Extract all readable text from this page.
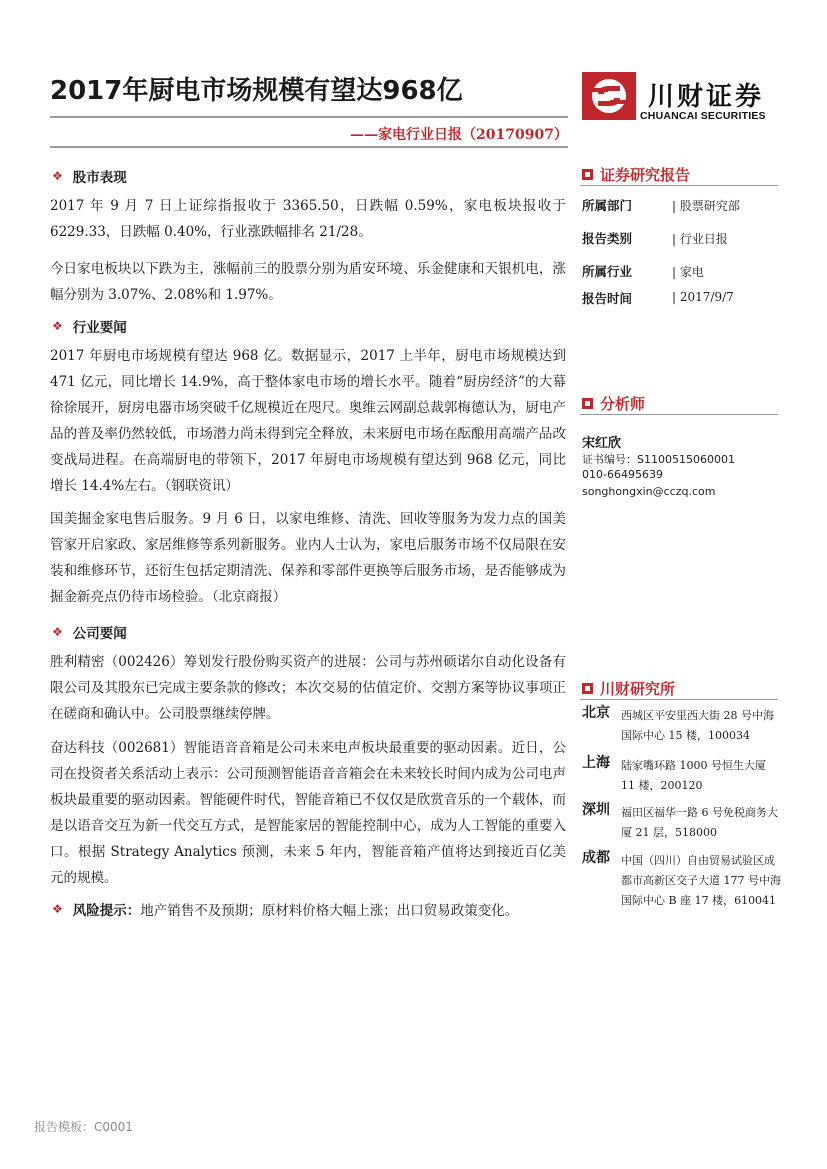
2017年厨电市场规模有望达968亿
——家电行业日报（20170907）
川财证券
CHUANCAI SECURITIES
❖ 股市表现
2017 年 9 月 7 日上证综指报收于 3365.50，日跌幅 0.59%，家电板块报收于 6229.33，日跌幅 0.40%，行业涨跌幅排名 21/28。
今日家电板块以下跌为主，涨幅前三的股票分别为盾安环境、乐金健康和天银机电，涨幅分别为 3.07%、2.08%和 1.97%。
❖ 行业要闻
2017 年厨电市场规模有望达 968 亿。数据显示，2017 上半年，厨电市场规模达到 471 亿元，同比增长 14.9%，高于整体家电市场的增长水平。随着“厨房经济”的大幕徐徐展开，厨房电器市场突破千亿规模近在咫尺。奥维云网副总裁郭梅德认为，厨电产品的普及率仍然较低，市场潜力尚未得到完全释放，未来厨电市场在酝酿用高端产品改变战局进程。在高端厨电的带领下，2017 年厨电市场规模有望达到 968 亿元，同比增长 14.4%左右。（钢联资讯）
国美掘金家电售后服务。9 月 6 日，以家电维修、清洗、回收等服务为发力点的国美管家开启家政、家居维修等系列新服务。业内人士认为，家电后服务市场不仅局限在安装和维修环节，还衍生包括定期清洗、保养和零部件更换等后服务市场，是否能够成为掘金新亮点仍待市场检验。（北京商报）
❖ 公司要闻
胜利精密（002426）筹划发行股份购买资产的进展：公司与苏州硕诺尔自动化设备有限公司及其股东已完成主要条款的修改；本次交易的估值定价、交割方案等协议事项正在磋商和确认中。公司股票继续停牌。
奋达科技（002681）智能语音音箱是公司未来电声板块最重要的驱动因素。近日，公司在投资者关系活动上表示：公司预测智能语音音箱会在未来较长时间内成为公司电声板块最重要的驱动因素。智能硬件时代，智能音箱已不仅仅是欣赏音乐的一个载体，而是以语音交互为新一代交互方式，是智能家居的智能控制中心，成为人工智能的重要入口。根据 Strategy Analytics 预测，未来 5 年内，智能音箱产值将达到接近百亿美元的规模。
❖ 风险提示： 地产销售不及预期；原材料价格大幅上涨；出口贸易政策变化。
证券研究报告
所属部门	| 股票研究部
报告类别	| 行业日报
所属行业	| 家电
报告时间	| 2017/9/7
分析师
宋红欣
证书编号：S1100515060001
010-66495639
songhongxin@cczq.com
川财研究所
北京 西城区平安里西大街 28 号中海国际中心 15 楼，100034
上海 陆家嘴环路 1000 号恒生大厦 11 楼，200120
深圳 福田区福华一路 6 号免税商务大厦 21 层，518000
成都 中国（四川）自由贸易试验区成都市高新区交子大道 177 号中海国际中心 B 座 17 楼，610041
报告模板：C0001
